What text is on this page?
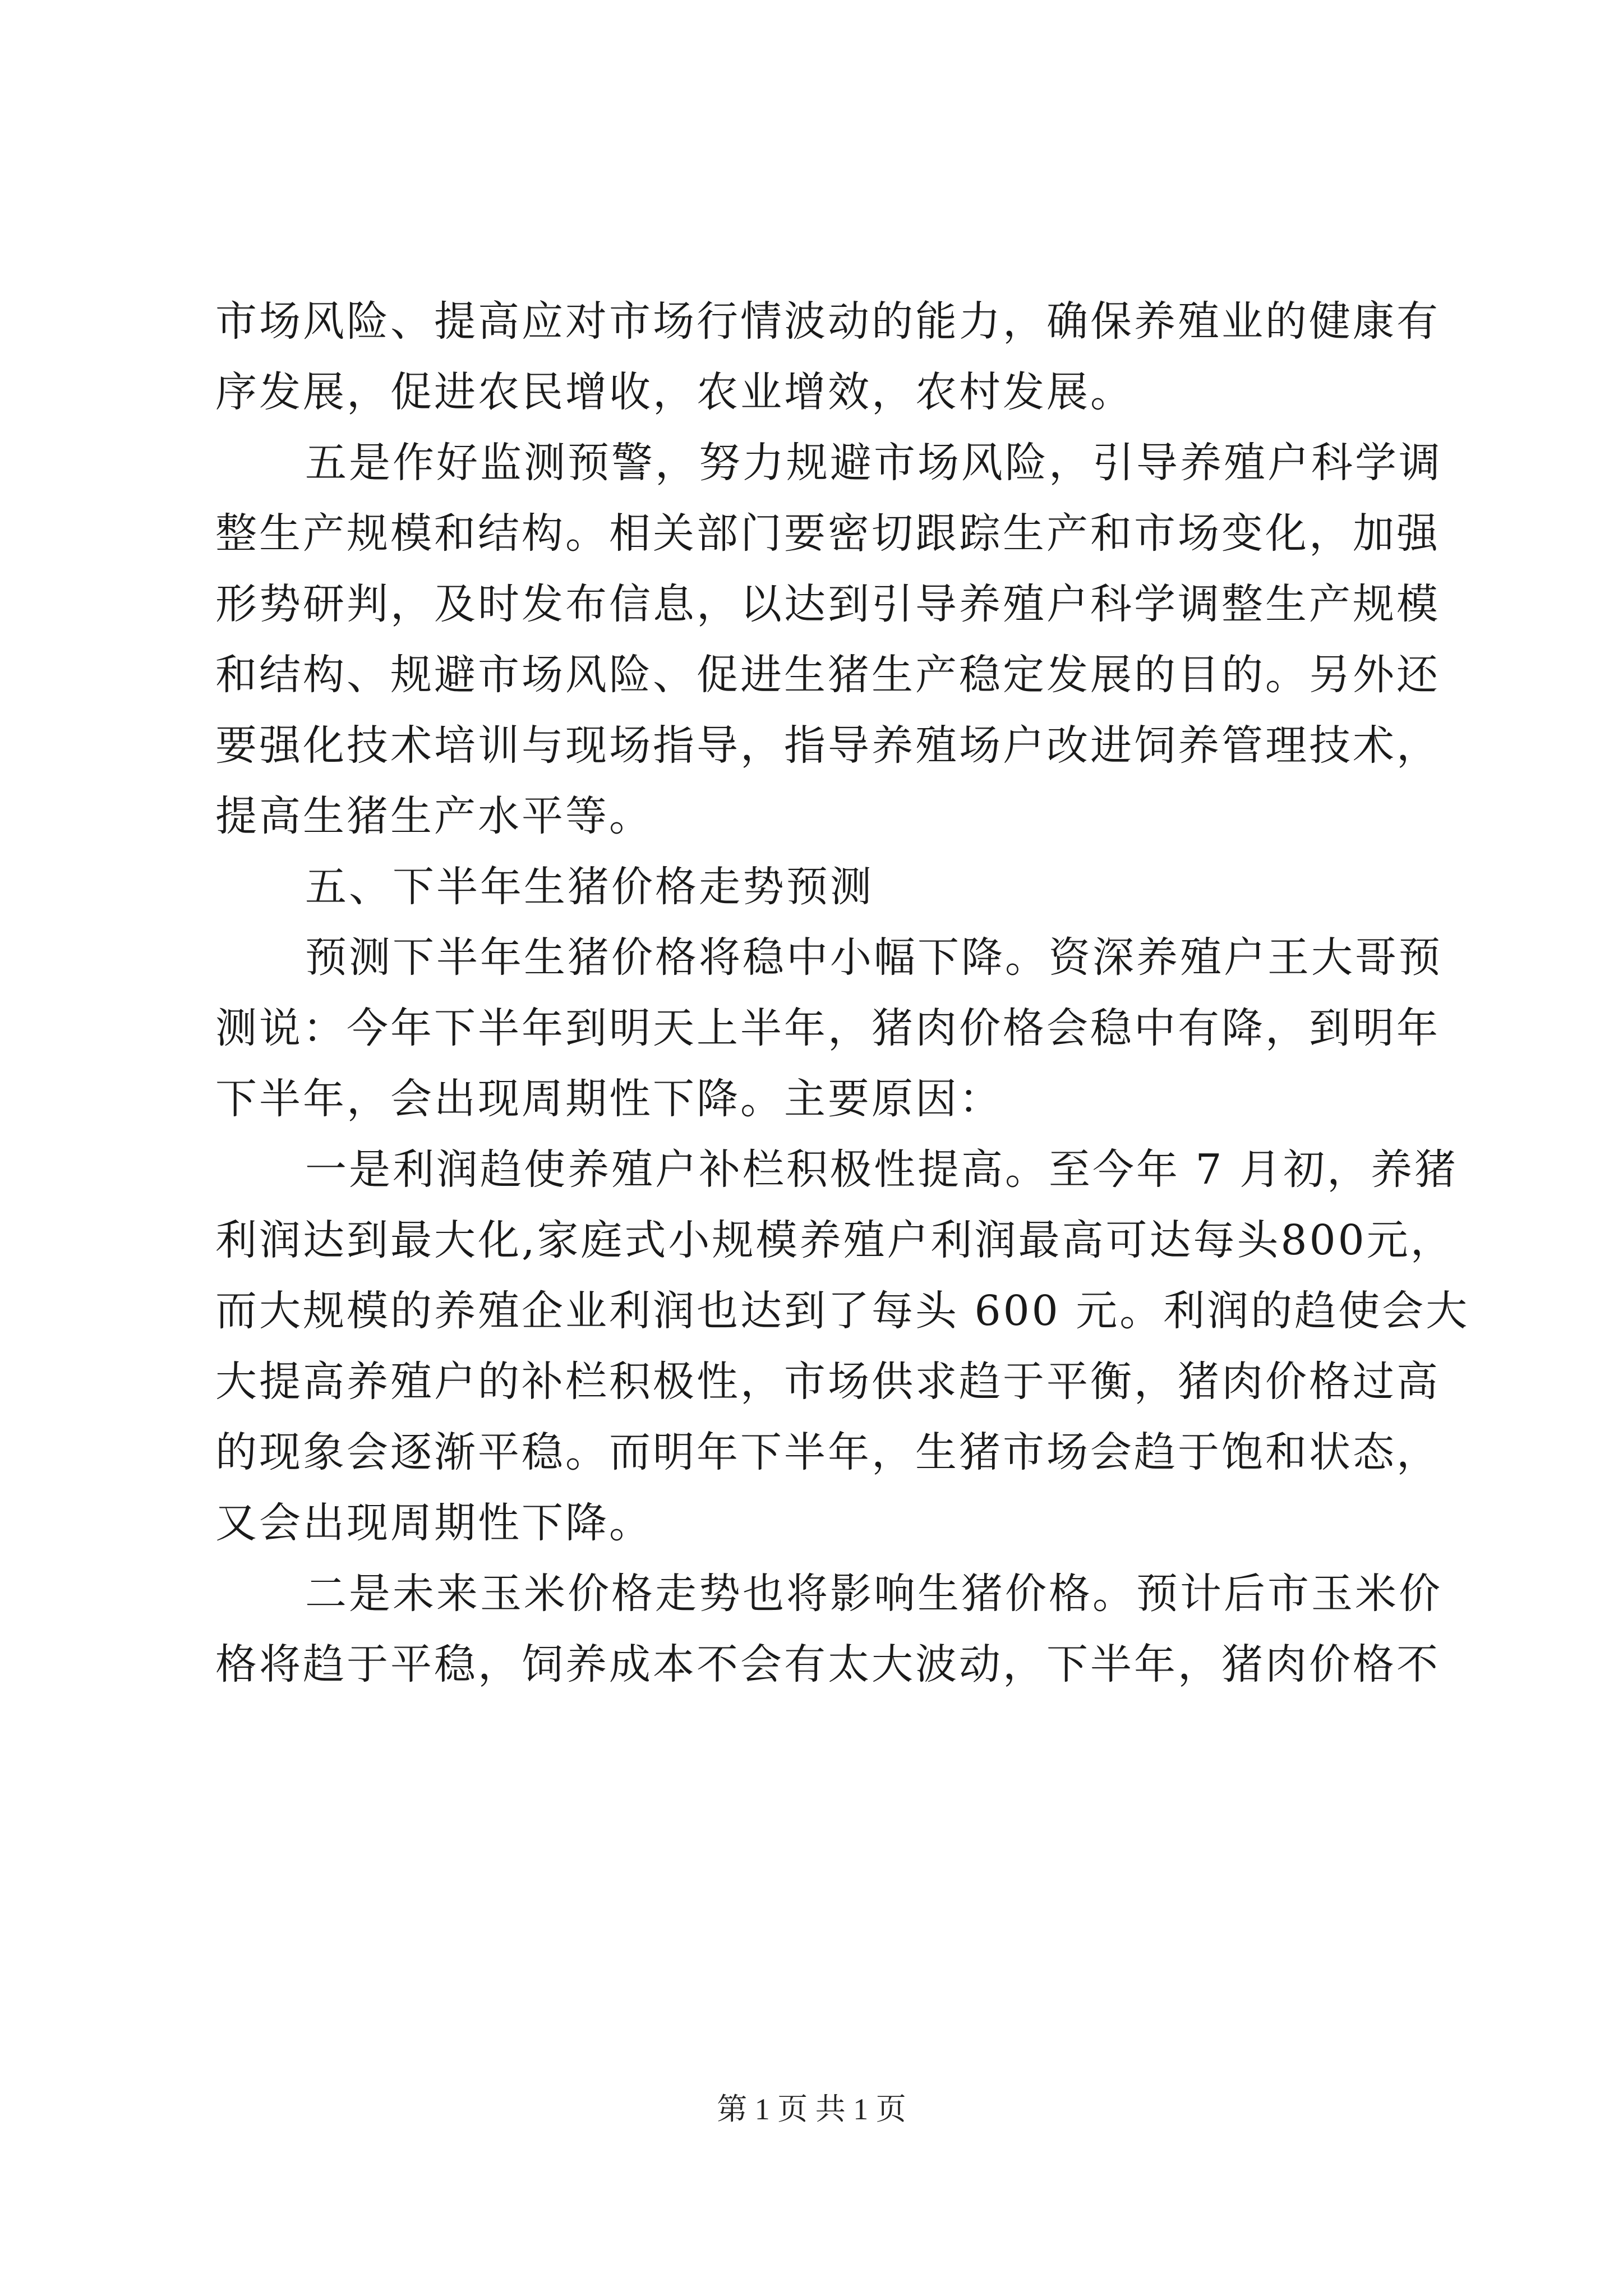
市场风险、提高应对市场行情波动的能力，确保养殖业的健康有
序发展，促进农民增收，农业增效，农村发展。
五是作好监测预警，努力规避市场风险，引导养殖户科学调
整生产规模和结构。相关部门要密切跟踪生产和市场变化，加强
形势研判，及时发布信息，以达到引导养殖户科学调整生产规模
和结构、规避市场风险、促进生猪生产稳定发展的目的。另外还
要强化技术培训与现场指导，指导养殖场户改进饲养管理技术，
提高生猪生产水平等。
五、下半年生猪价格走势预测
预测下半年生猪价格将稳中小幅下降。资深养殖户王大哥预
测说：今年下半年到明天上半年，猪肉价格会稳中有降，到明年
下半年，会出现周期性下降。主要原因：
一是利润趋使养殖户补栏积极性提高。至今年 7 月初，养猪
利润达到最大化,家庭式小规模养殖户利润最高可达每头800元，
而大规模的养殖企业利润也达到了每头 600 元。利润的趋使会大
大提高养殖户的补栏积极性，市场供求趋于平衡，猪肉价格过高
的现象会逐渐平稳。而明年下半年，生猪市场会趋于饱和状态，
又会出现周期性下降。
二是未来玉米价格走势也将影响生猪价格。预计后市玉米价
格将趋于平稳，饲养成本不会有太大波动，下半年，猪肉价格不
第 1 页 共 1 页
